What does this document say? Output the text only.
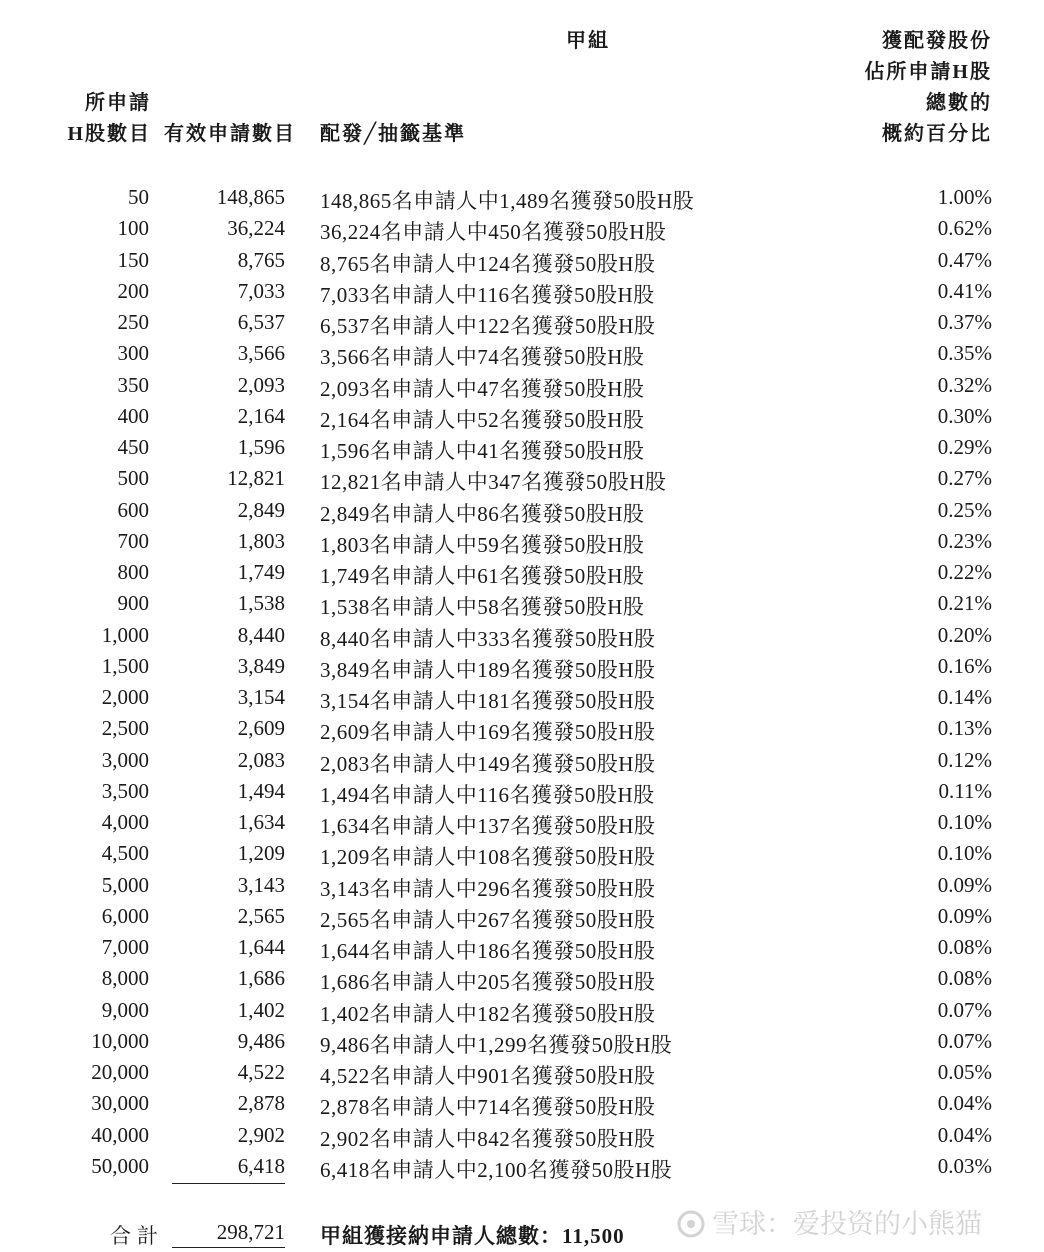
甲組
所申請
H股數目 有效申請數目 配發╱抽籤基準
獲配發股份
佔所申請H股
總數的
概約百分比
50	148,865 148,865名申請人中1,489名獲發50股H股	1.00%
100	36,224 36,224名申請人中450名獲發50股H股	0.62%
150	8,765 8,765名申請人中124名獲發50股H股	0.47%
200	7,033 7,033名申請人中116名獲發50股H股	0.41%
250	6,537 6,537名申請人中122名獲發50股H股	0.37%
300	3,566 3,566名申請人中74名獲發50股H股	0.35%
350	2,093 2,093名申請人中47名獲發50股H股	0.32%
400	2,164 2,164名申請人中52名獲發50股H股	0.30%
450	1,596 1,596名申請人中41名獲發50股H股	0.29%
500	12,821 12,821名申請人中347名獲發50股H股	0.27%
600	2,849 2,849名申請人中86名獲發50股H股	0.25%
700	1,803 1,803名申請人中59名獲發50股H股	0.23%
800	1,749 1,749名申請人中61名獲發50股H股	0.22%
900	1,538 1,538名申請人中58名獲發50股H股	0.21%
1,000	8,440 8,440名申請人中333名獲發50股H股	0.20%
1,500	3,849 3,849名申請人中189名獲發50股H股	0.16%
2,000	3,154 3,154名申請人中181名獲發50股H股	0.14%
2,500	2,609 2,609名申請人中169名獲發50股H股	0.13%
3,000	2,083 2,083名申請人中149名獲發50股H股	0.12%
3,500	1,494 1,494名申請人中116名獲發50股H股	0.11%
4,000	1,634 1,634名申請人中137名獲發50股H股	0.10%
4,500	1,209 1,209名申請人中108名獲發50股H股	0.10%
5,000	3,143 3,143名申請人中296名獲發50股H股	0.09%
6,000	2,565 2,565名申請人中267名獲發50股H股	0.09%
7,000	1,644 1,644名申請人中186名獲發50股H股	0.08%
8,000	1,686 1,686名申請人中205名獲發50股H股	0.08%
9,000	1,402 1,402名申請人中182名獲發50股H股	0.07%
10,000	9,486 9,486名申請人中1,299名獲發50股H股	0.07%
20,000	4,522 4,522名申請人中901名獲發50股H股	0.05%
30,000	2,878 2,878名申請人中714名獲發50股H股	0.04%
40,000	2,902 2,902名申請人中842名獲發50股H股	0.04%
50,000	6,418 6,418名申請人中2,100名獲發50股H股	0.03%
合計	298,721 甲組獲接納申請人總數：11,500	雪球：爱投资的小熊猫
